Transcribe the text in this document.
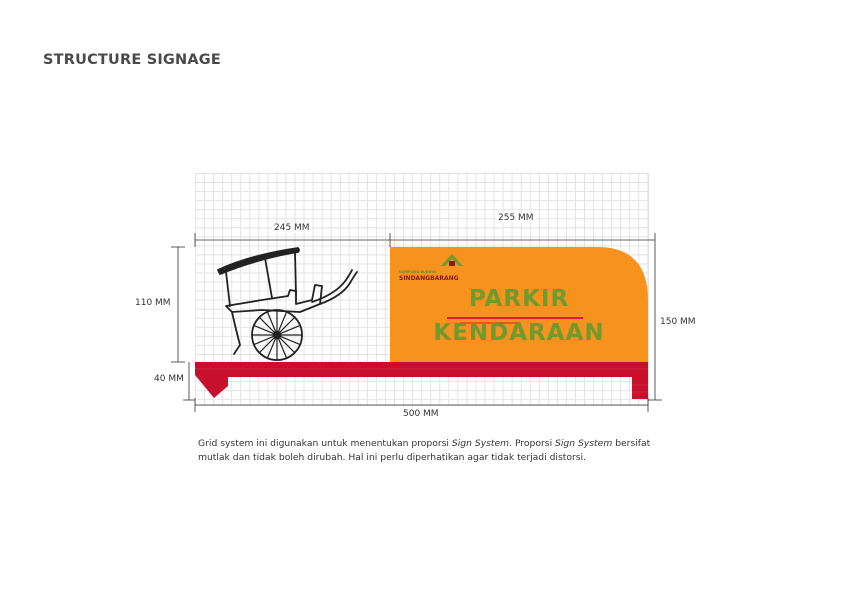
STRUCTURE SIGNAGE
245 MM
255 MM
110 MM
40 MM
150 MM
500 MM
KAMPUNG BUDAYA
SINDANGBARANG
PARKIR
KENDARAAN
Grid system ini digunakan untuk menentukan proporsi Sign System. Proporsi Sign System bersifat mutlak dan tidak boleh dirubah. Hal ini perlu diperhatikan agar tidak terjadi distorsi.
